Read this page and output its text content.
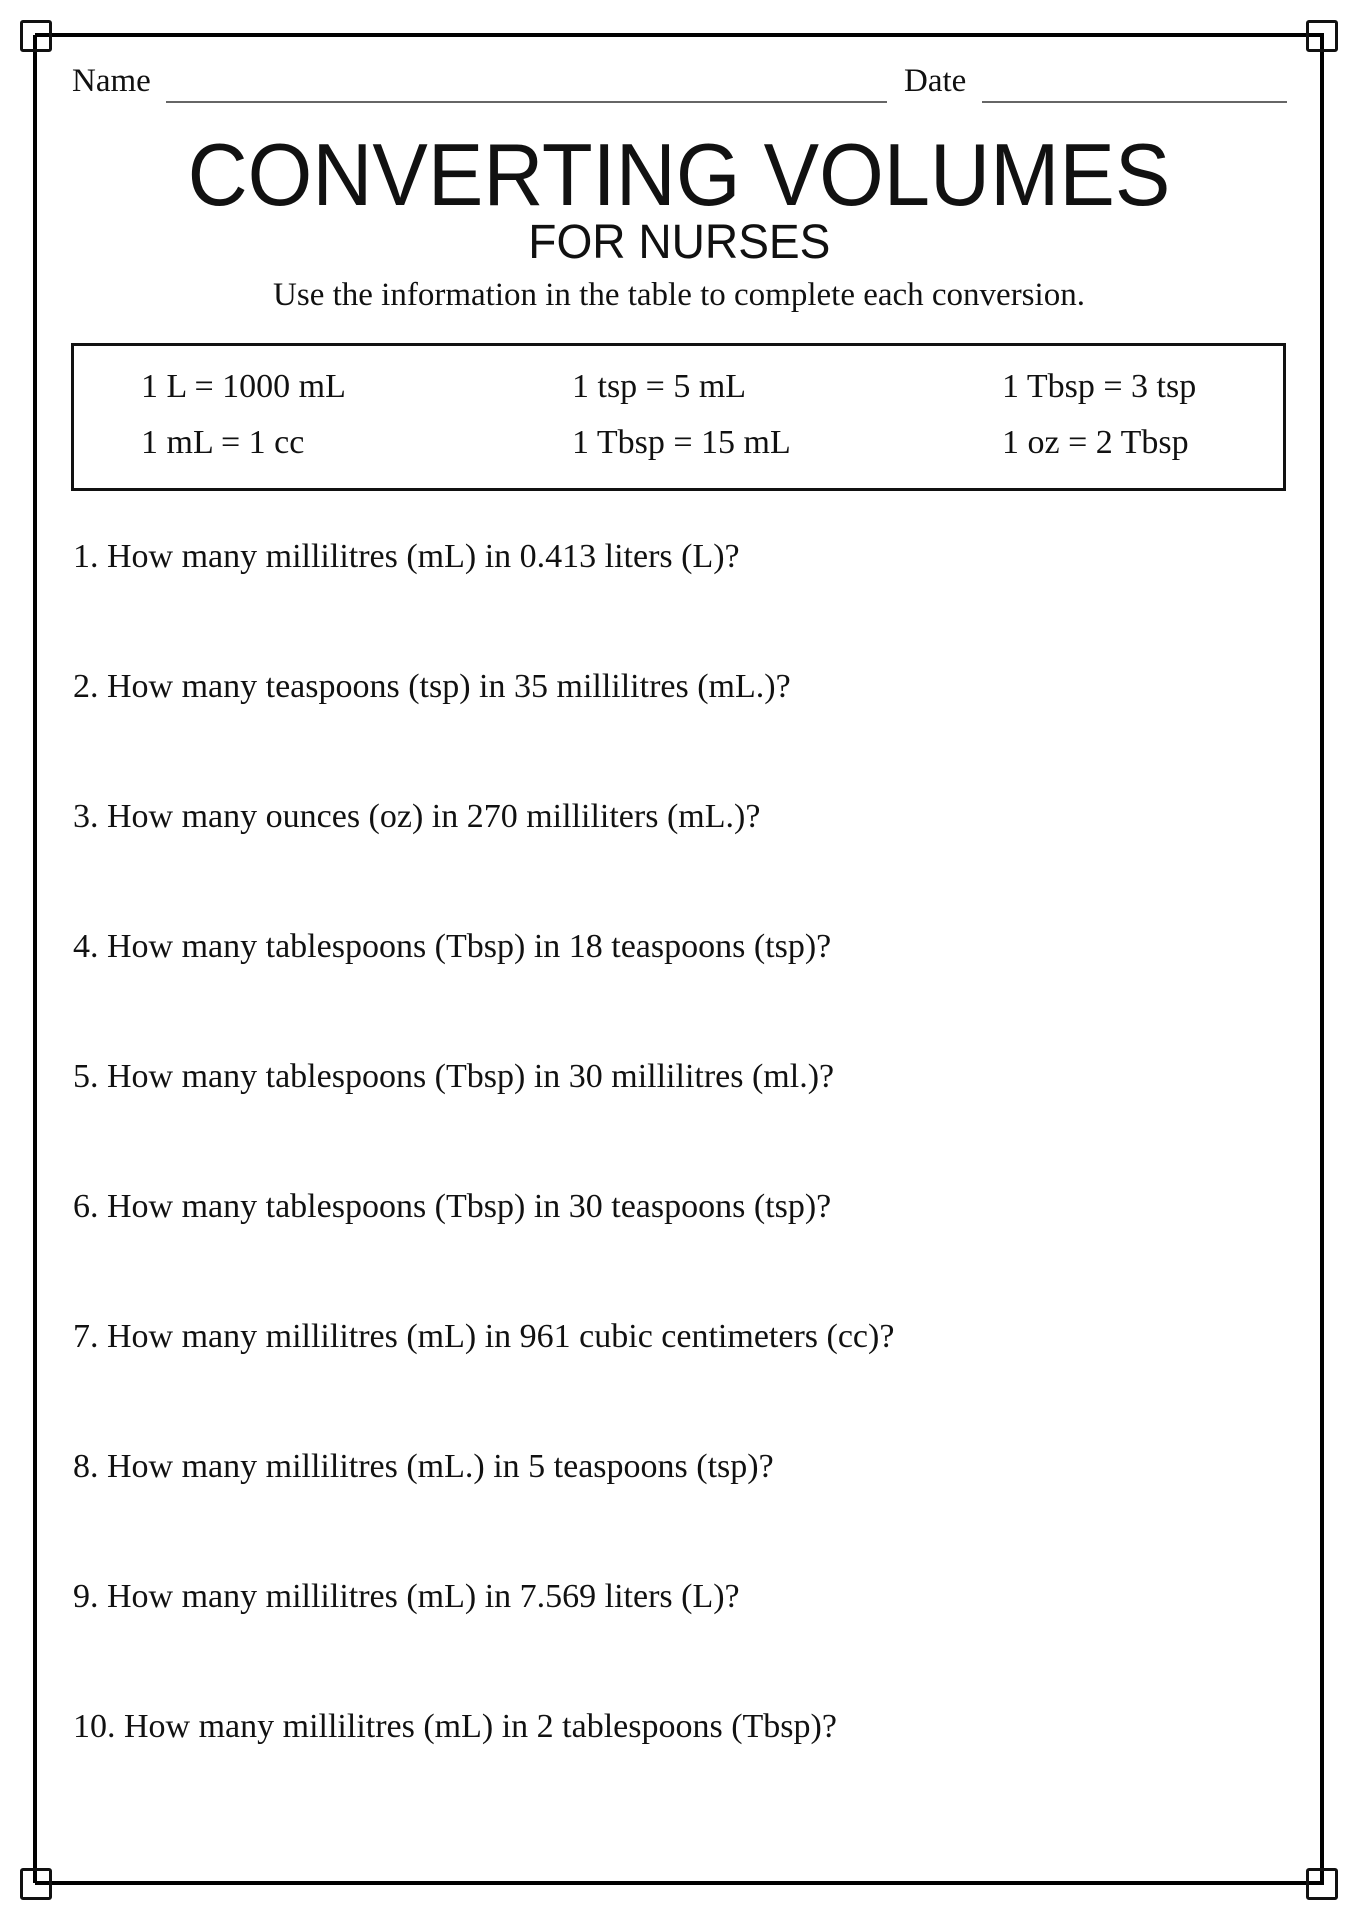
Name	Date
CONVERTING VOLUMES
FOR NURSES
Use the information in the table to complete each conversion.
1 L = 1000 mL
1 mL = 1 cc
1 tsp = 5 mL
1 Tbsp = 15 mL
1 Tbsp = 3 tsp
1 oz = 2 Tbsp
1. How many millilitres (mL) in 0.413 liters (L)?
2. How many teaspoons (tsp) in 35 millilitres (mL.)?
3. How many ounces (oz) in 270 milliliters (mL.)?
4. How many tablespoons (Tbsp) in 18 teaspoons (tsp)?
5. How many tablespoons (Tbsp) in 30 millilitres (ml.)?
6. How many tablespoons (Tbsp) in 30 teaspoons (tsp)?
7. How many millilitres (mL) in 961 cubic centimeters (cc)?
8. How many millilitres (mL.) in 5 teaspoons (tsp)?
9. How many millilitres (mL) in 7.569 liters (L)?
10. How many millilitres (mL) in 2 tablespoons (Tbsp)?
